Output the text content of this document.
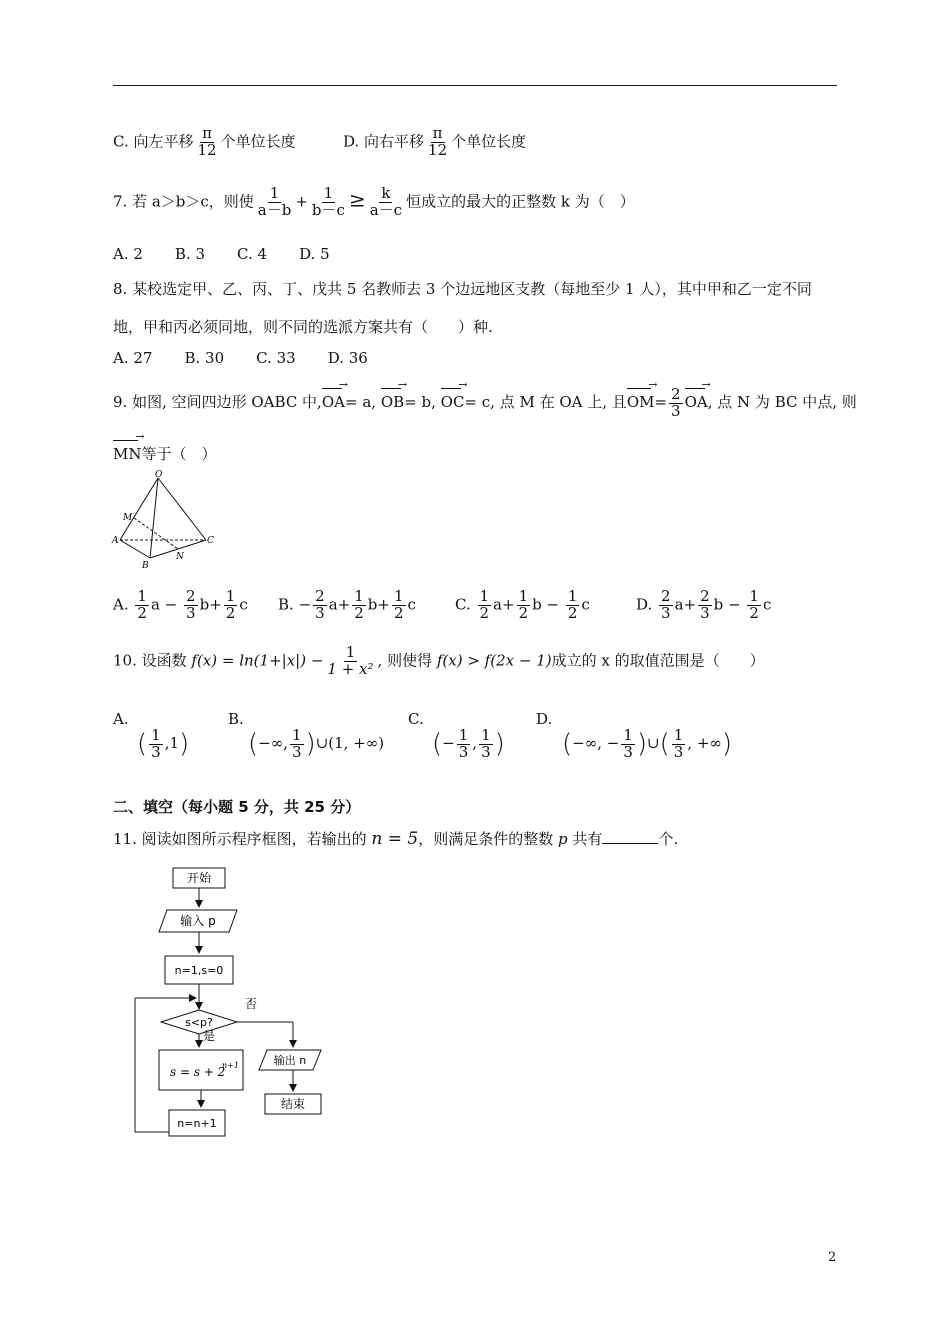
C. 向左平移 $\frac{\pi}{12}$ 个单位长度	D. 向右平移 $\frac{\pi}{12}$ 个单位长度
7. 若 a＞b＞c，则使 $\frac{1}{a-b} + \frac{1}{b-c} \ge \frac{k}{a-c}$ 恒成立的最大的正整数 k 为（　）
A. 2 B. 3 C. 4 D. 5
8. 某校选定甲、乙、丙、丁、戊共 5 名教师去 3 个边远地区支教（每地至少 1 人），其中甲和乙一定不同
地，甲和丙必须同地，则不同的选派方案共有（　　）种.
A. 27 B. 30 C. 33 D. 36
9. 如图, 空间四边形 OABC 中,OA →= a, OB →= b, OC →= c, 点 M 在 OA 上, 且OM →= $\frac{2}{3}$ OA →, 点 N 为 BC 中点, 则
MN →等于（　）
O
M
A
B
N
C
A. $\frac{1}{2}$ $a - \frac{2}{3} b+ \frac{1}{2}$ c B. − $\frac{2}{3} a+ \frac{1}{2} b+ \frac{1}{2}$ c	C. $\frac{1}{2} a+ \frac{1}{2}$ $b - \frac{1}{2}$ c	D. $\frac{2}{3} a+ \frac{2}{3}$ $b - \frac{1}{2}$ c
10. 设函数 $f(x) = \ln(1+|x|) - \frac{1}{\text{1 + x²}}$ , 则使得 f(x) > f(2x − 1)成立的 x 的取值范围是（　　）
A.
( $\frac{1}{3} ,1$)
B.
(−∞, $\frac{1}{3}$ )∪(1, +∞)
C.
(− $\frac{1}{3}$ , $\frac{1}{3}$ )
D.
(−∞, − $\frac{1}{3}$ )∪( $\frac{1}{3}$ , +∞)
二、填空（每小题 5 分，共 25 分）
11. 阅读如图所示程序框图，若输出的 n = 5，则满足条件的整数 p 共有	个.
开始
输入 p
n=1,s=0
s<p?
否
是
s = s + 2
n+1
n=n+1
输出 n
结束
2
